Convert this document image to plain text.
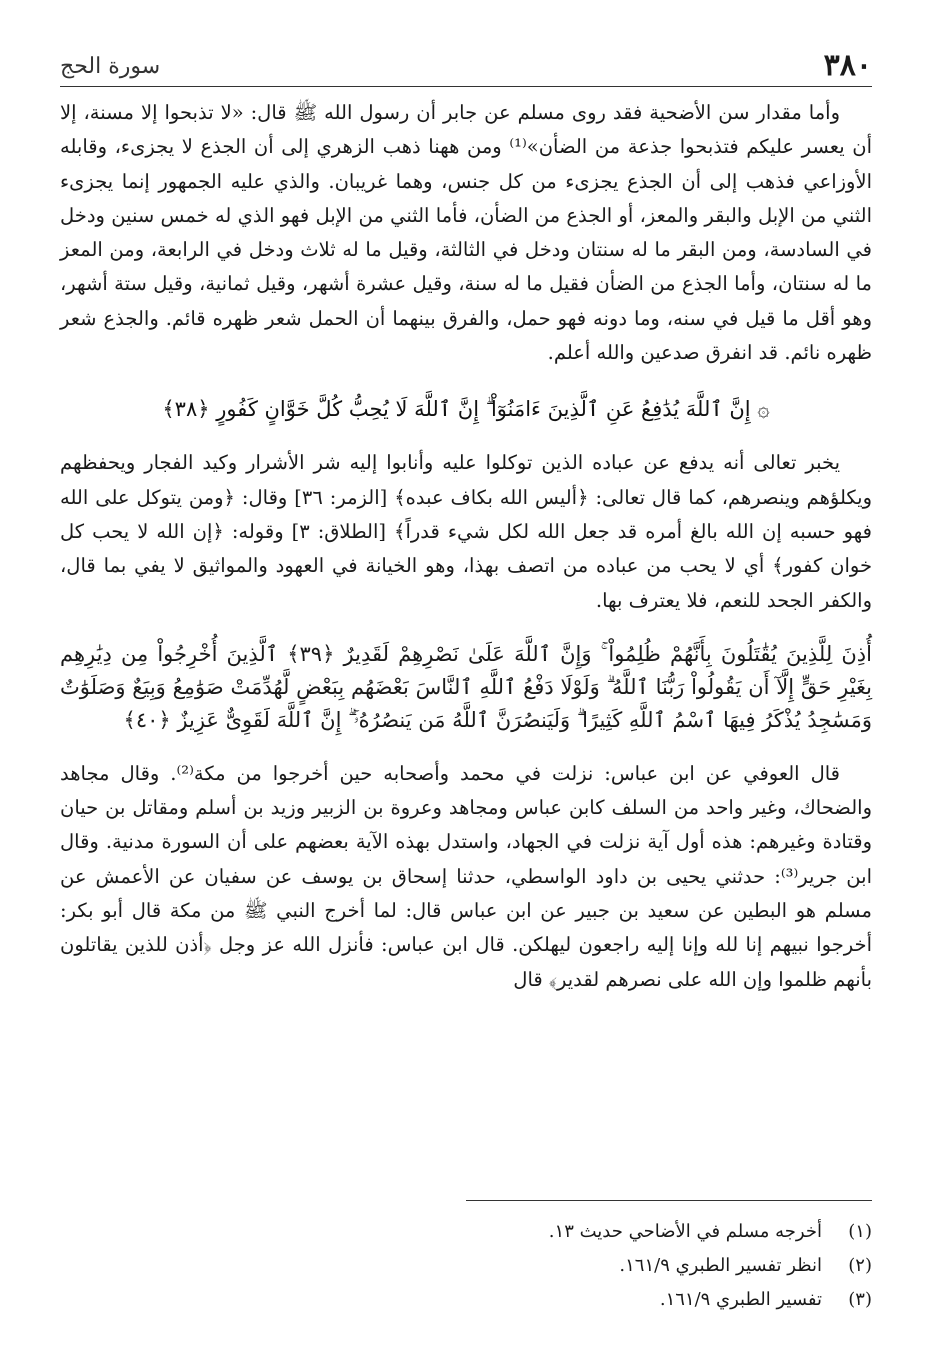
٣٨٠
سورة الحج

وأما مقدار سن الأضحية فقد روى مسلم عن جابر أن رسول الله ﷺ قال: «لا تذبحوا إلا مسنة، إلا أن يعسر عليكم فتذبحوا جذعة من الضأن»⁽¹⁾ ومن ههنا ذهب الزهري إلى أن الجذع لا يجزىء، وقابله الأوزاعي فذهب إلى أن الجذع يجزىء من كل جنس، وهما غريبان. والذي عليه الجمهور إنما يجزىء الثني من الإبل والبقر والمعز، أو الجذع من الضأن، فأما الثني من الإبل فهو الذي له خمس سنين ودخل في السادسة، ومن البقر ما له سنتان ودخل في الثالثة، وقيل ما له ثلاث ودخل في الرابعة، ومن المعز ما له سنتان، وأما الجذع من الضأن فقيل ما له سنة، وقيل عشرة أشهر، وقيل ثمانية، وقيل ستة أشهر، وهو أقل ما قيل في سنه، وما دونه فهو حمل، والفرق بينهما أن الحمل شعر ظهره قائم. والجذع شعر ظهره نائم. قد انفرق صدعين والله أعلم.

۞ إِنَّ ٱللَّهَ يُدَٰفِعُ عَنِ ٱلَّذِينَ ءَامَنُوٓاْ ۗ إِنَّ ٱللَّهَ لَا يُحِبُّ كُلَّ خَوَّانٍ كَفُورٍ ﴿٣٨﴾

يخبر تعالى أنه يدفع عن عباده الذين توكلوا عليه وأنابوا إليه شر الأشرار وكيد الفجار ويحفظهم ويكلؤهم وينصرهم، كما قال تعالى: ﴿أليس الله بكاف عبده﴾ [الزمر: ٣٦] وقال: ﴿ومن يتوكل على الله فهو حسبه إن الله بالغ أمره قد جعل الله لكل شيء قدراً﴾ [الطلاق: ٣] وقوله: ﴿إن الله لا يحب كل خوان كفور﴾ أي لا يحب من عباده من اتصف بهذا، وهو الخيانة في العهود والمواثيق لا يفي بما قال، والكفر الجحد للنعم، فلا يعترف بها.

أُذِنَ لِلَّذِينَ يُقَٰتَلُونَ بِأَنَّهُمْ ظُلِمُواْ ۚ وَإِنَّ ٱللَّهَ عَلَىٰ نَصْرِهِمْ لَقَدِيرٌ ﴿٣٩﴾ ٱلَّذِينَ أُخْرِجُواْ مِن دِيَٰرِهِم بِغَيْرِ حَقٍّ إِلَّآ أَن يَقُولُواْ رَبُّنَا ٱللَّهُ ۗ وَلَوْلَا دَفْعُ ٱللَّهِ ٱلنَّاسَ بَعْضَهُم بِبَعْضٍ لَّهُدِّمَتْ صَوَٰمِعُ وَبِيَعٌ وَصَلَوَٰتٌ وَمَسَٰجِدُ يُذْكَرُ فِيهَا ٱسْمُ ٱللَّهِ كَثِيرًا ۗ وَلَيَنصُرَنَّ ٱللَّهُ مَن يَنصُرُهُۥٓ ۗ إِنَّ ٱللَّهَ لَقَوِىٌّ عَزِيزٌ ﴿٤٠﴾

قال العوفي عن ابن عباس: نزلت في محمد وأصحابه حين أخرجوا من مكة⁽²⁾. وقال مجاهد والضحاك، وغير واحد من السلف كابن عباس ومجاهد وعروة بن الزبير وزيد بن أسلم ومقاتل بن حيان وقتادة وغيرهم: هذه أول آية نزلت في الجهاد، واستدل بهذه الآية بعضهم على أن السورة مدنية. وقال ابن جرير⁽³⁾: حدثني يحيى بن داود الواسطي، حدثنا إسحاق بن يوسف عن سفيان عن الأعمش عن مسلم هو البطين عن سعيد بن جبير عن ابن عباس قال: لما أخرج النبي ﷺ من مكة قال أبو بكر: أخرجوا نبيهم إنا لله وإنا إليه راجعون ليهلكن. قال ابن عباس: فأنزل الله عز وجل ﴿أذن للذين يقاتلون بأنهم ظلموا وإن الله على نصرهم لقدير﴾ قال

(١)أخرجه مسلم في الأضاحي حديث ١٣.
(٢)انظر تفسير الطبري ١٦١/٩.
(٣)تفسير الطبري ١٦١/٩.
